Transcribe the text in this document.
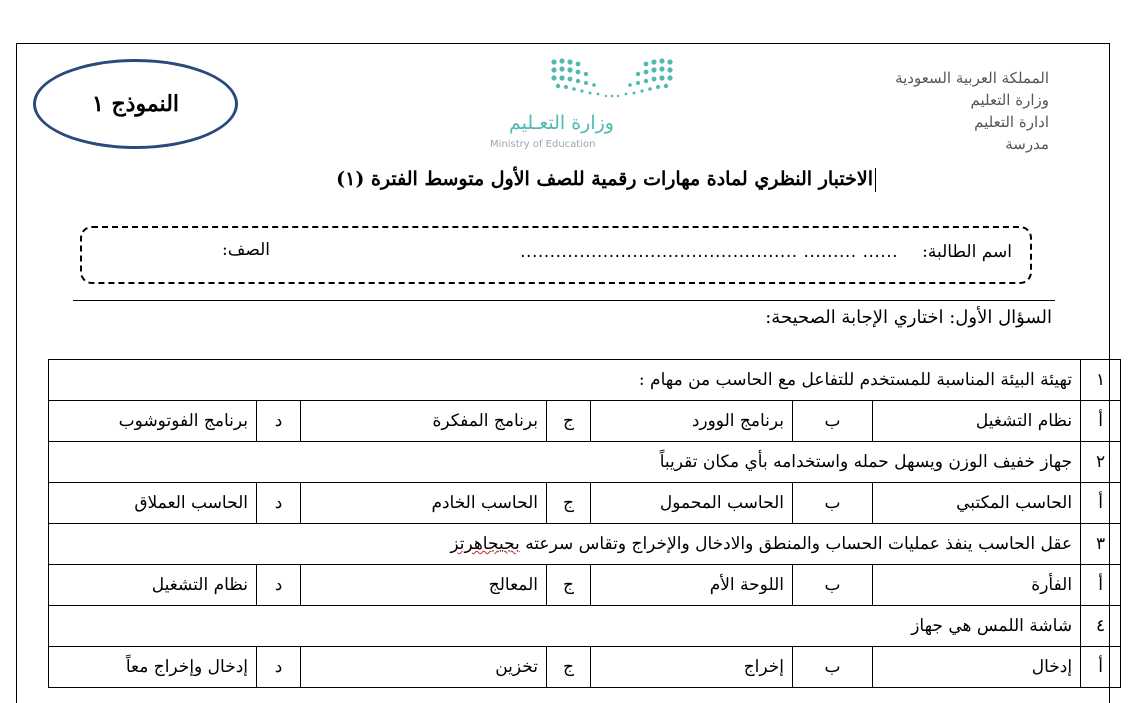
المملكة العربية السعودية
وزارة التعليم
ادارة التعليم
مدرسة
النموذج ١
وزارة التعـليم
Ministry of Education
الاختبار النظري لمادة مهارات رقمية للصف الأول متوسط الفترة (١)
اسم الطالبة:
............................................... ......... ......
الصف:
السؤال الأول: اختاري الإجابة الصحيحة:
تهيئة البيئة المناسبة للمستخدم للتفاعل مع الحاسب من مهام :							١
برنامج الفوتوشوب	د	برنامج المفكرة	ج	برنامج الوورد	ب	نظام التشغيل	أ
جهاز خفيف الوزن ويسهل حمله واستخدامه بأي مكان تقريباً							٢
الحاسب العملاق	د	الحاسب الخادم	ج	الحاسب المحمول	ب	الحاسب المكتبي	أ
عقل الحاسب ينفذ عمليات الحساب والمنطق والادخال والإخراج وتقاس سرعته بجيجاهرتز							٣
نظام التشغيل	د	المعالج	ج	اللوحة الأم	ب	الفأرة	أ
شاشة اللمس هي جهاز							٤
إدخال وإخراج معاً	د	تخزين	ج	إخراج	ب	إدخال	أ
